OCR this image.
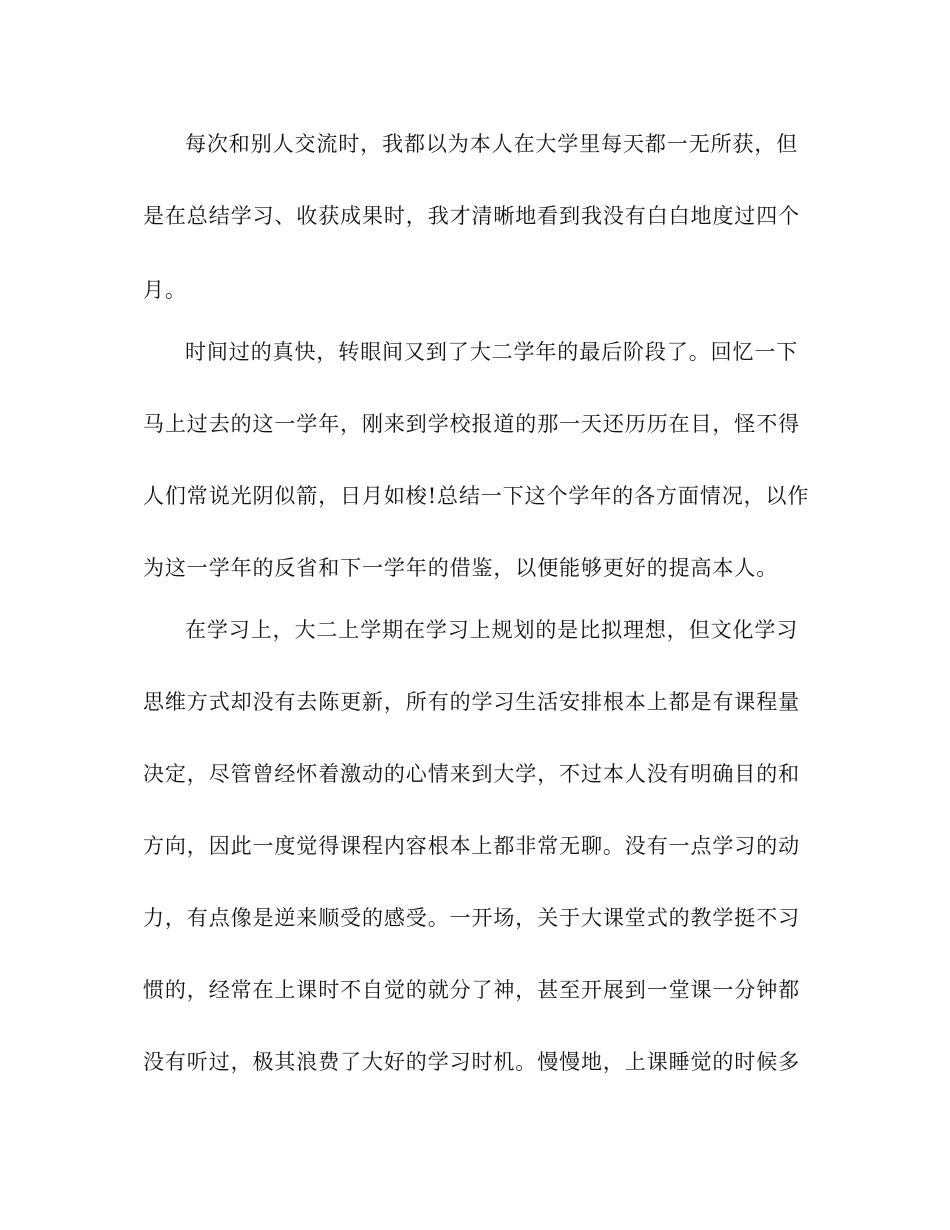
每次和别人交流时，我都以为本人在大学里每天都一无所获，但
是在总结学习、收获成果时，我才清晰地看到我没有白白地度过四个
月。
时间过的真快，转眼间又到了大二学年的最后阶段了。回忆一下
马上过去的这一学年，刚来到学校报道的那一天还历历在目，怪不得
人们常说光阴似箭，日月如梭!总结一下这个学年的各方面情况，以作
为这一学年的反省和下一学年的借鉴，以便能够更好的提高本人。
在学习上，大二上学期在学习上规划的是比拟理想，但文化学习
思维方式却没有去陈更新，所有的学习生活安排根本上都是有课程量
决定，尽管曾经怀着激动的心情来到大学，不过本人没有明确目的和
方向，因此一度觉得课程内容根本上都非常无聊。没有一点学习的动
力，有点像是逆来顺受的感受。一开场，关于大课堂式的教学挺不习
惯的，经常在上课时不自觉的就分了神，甚至开展到一堂课一分钟都
没有听过，极其浪费了大好的学习时机。慢慢地，上课睡觉的时候多
